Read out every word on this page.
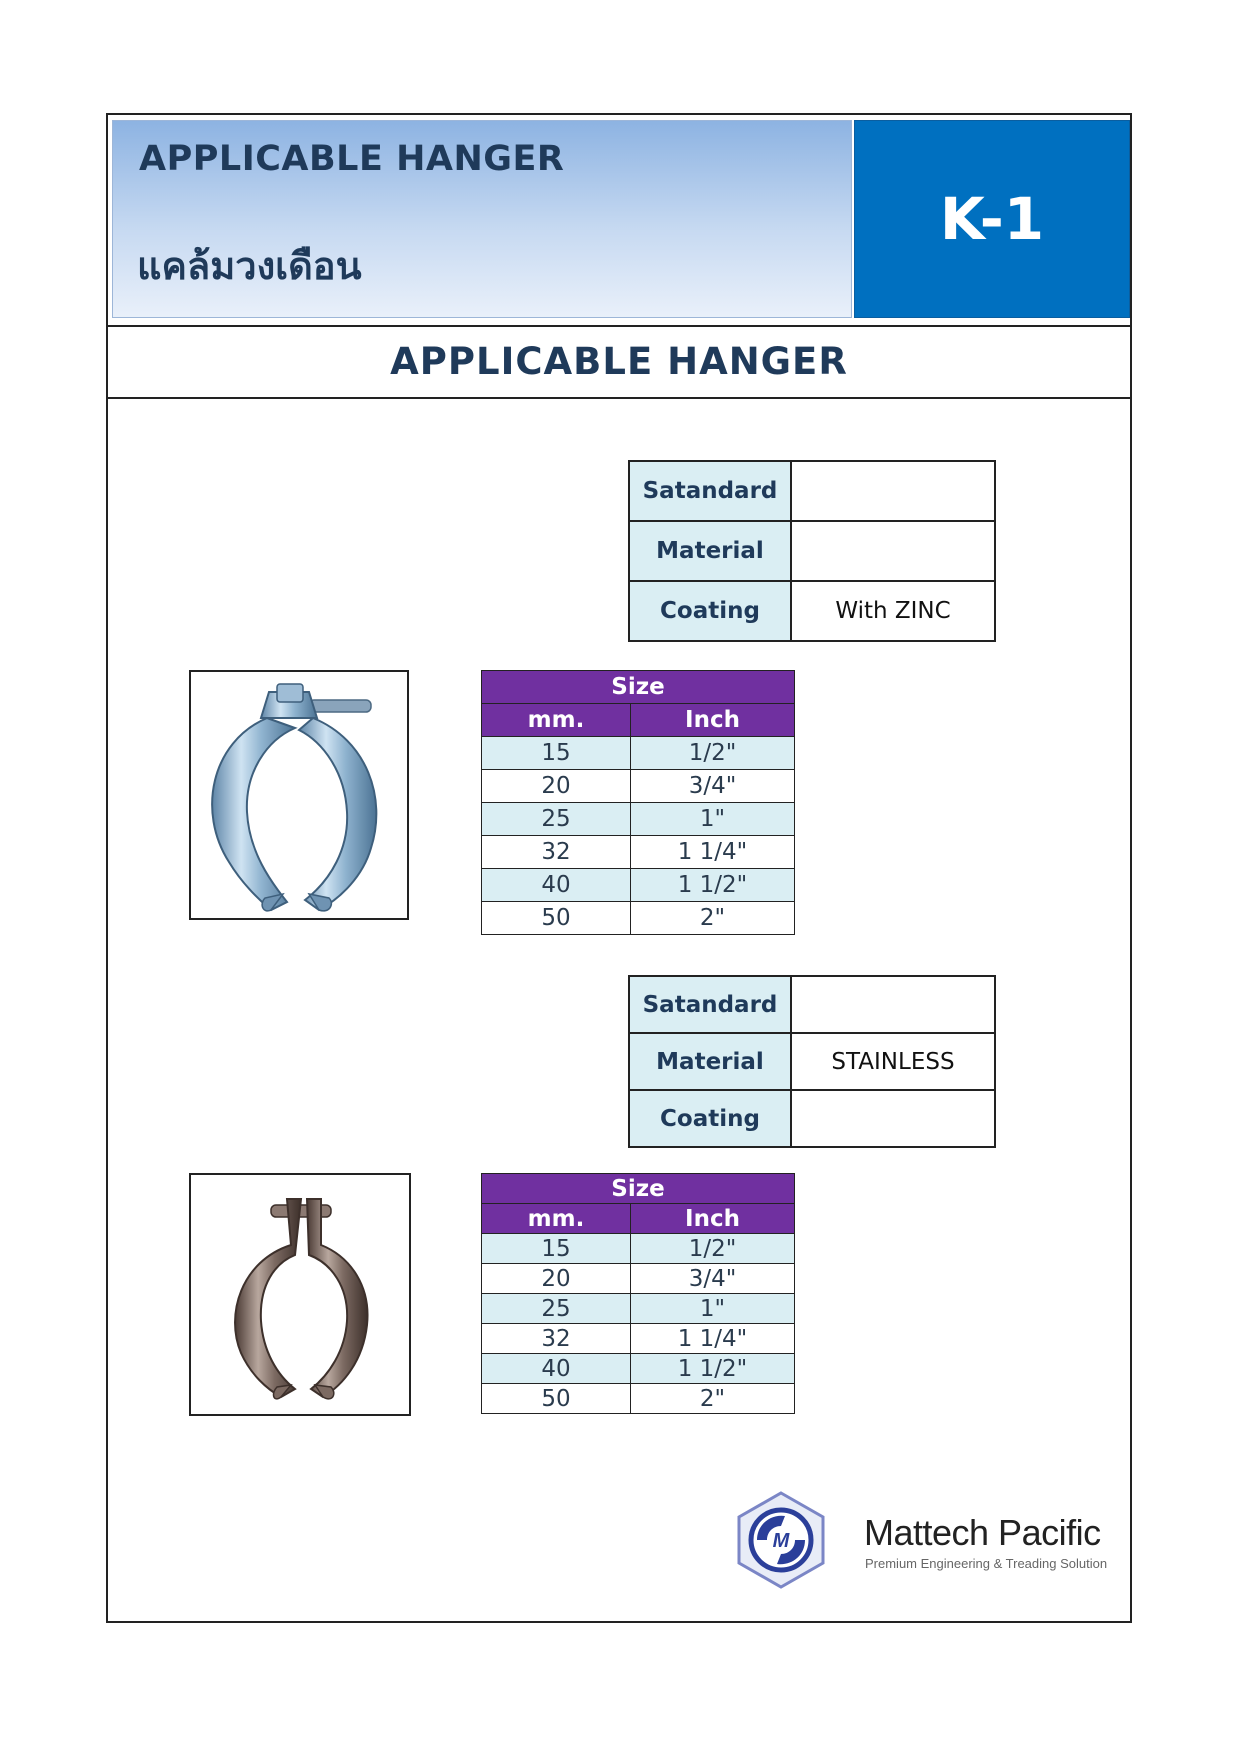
APPLICABLE HANGER
แคล้มวงเดือน
K-1
APPLICABLE HANGER
Satandard	
Material	
Coating	With ZINC
Size	
mm.	Inch
15	1/2"
20	3/4"
25	1"
32	1 1/4"
40	1 1/2"
50	2"
Satandard	
Material	STAINLESS
Coating	
Size	
mm.	Inch
15	1/2"
20	3/4"
25	1"
32	1 1/4"
40	1 1/2"
50	2"
M Mattech Pacific
Premium Engineering & Treading Solution
